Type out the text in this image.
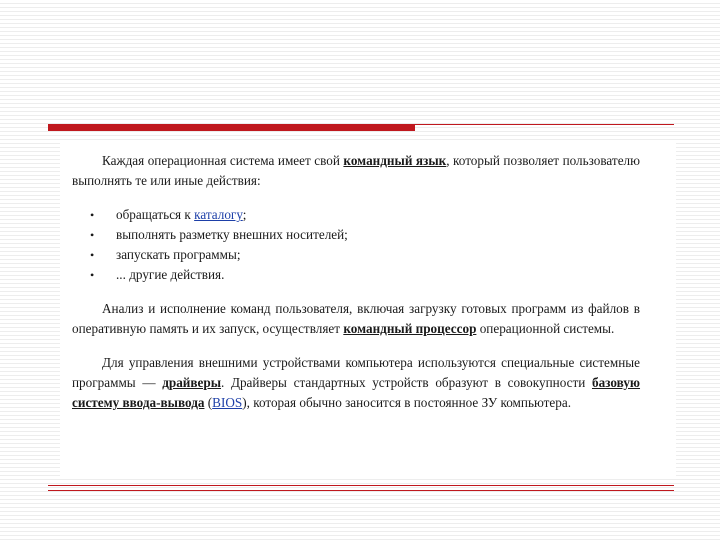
Каждая операционная система имеет свой командный язык, который позволяет пользователю выполнять те или иные действия:

• обращаться к каталогу;
• выполнять разметку внешних носителей;
• запускать программы;
• ... другие действия.

Анализ и исполнение команд пользователя, включая загрузку готовых программ из файлов в оперативную память и их запуск, осуществляет командный процессор операционной системы.

Для управления внешними устройствами компьютера используются специальные системные программы — драйверы. Драйверы стандартных устройств образуют в совокупности базовую систему ввода-вывода (BIOS), которая обычно заносится в постоянное ЗУ компьютера.
